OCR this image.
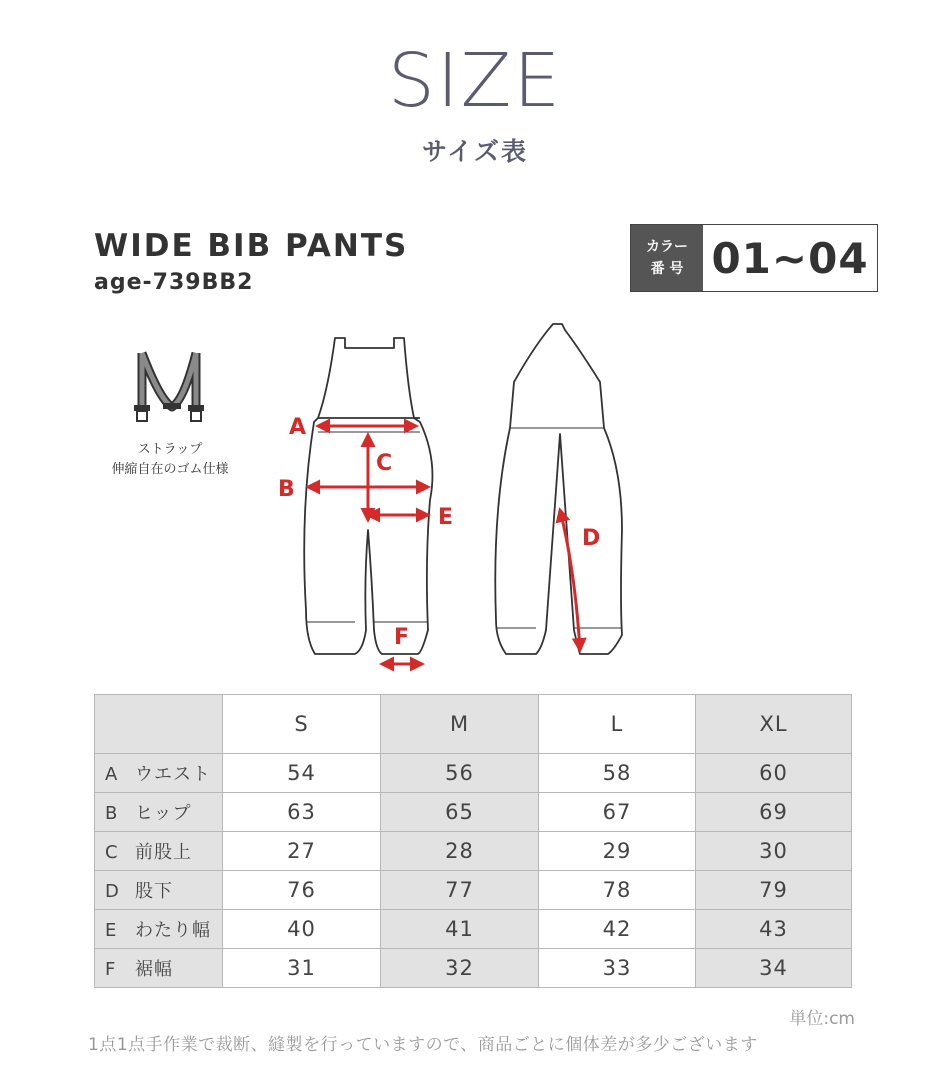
SIZE
サイズ表
WIDE BIB PANTS
age-739BB2
カラー
番 号 01~04
ストラップ
伸縮自在のゴム仕様
A
B
C
D
E
F
	S	M	L	XL
A ウエスト	54	56	58	60
B ヒップ	63	65	67	69
C 前股上	27	28	29	30
D 股下	76	77	78	79
E わたり幅	40	41	42	43
F 裾幅	31	32	33	34
単位:cm
1点1点手作業で裁断、縫製を行っていますので、商品ごとに個体差が多少ございます
